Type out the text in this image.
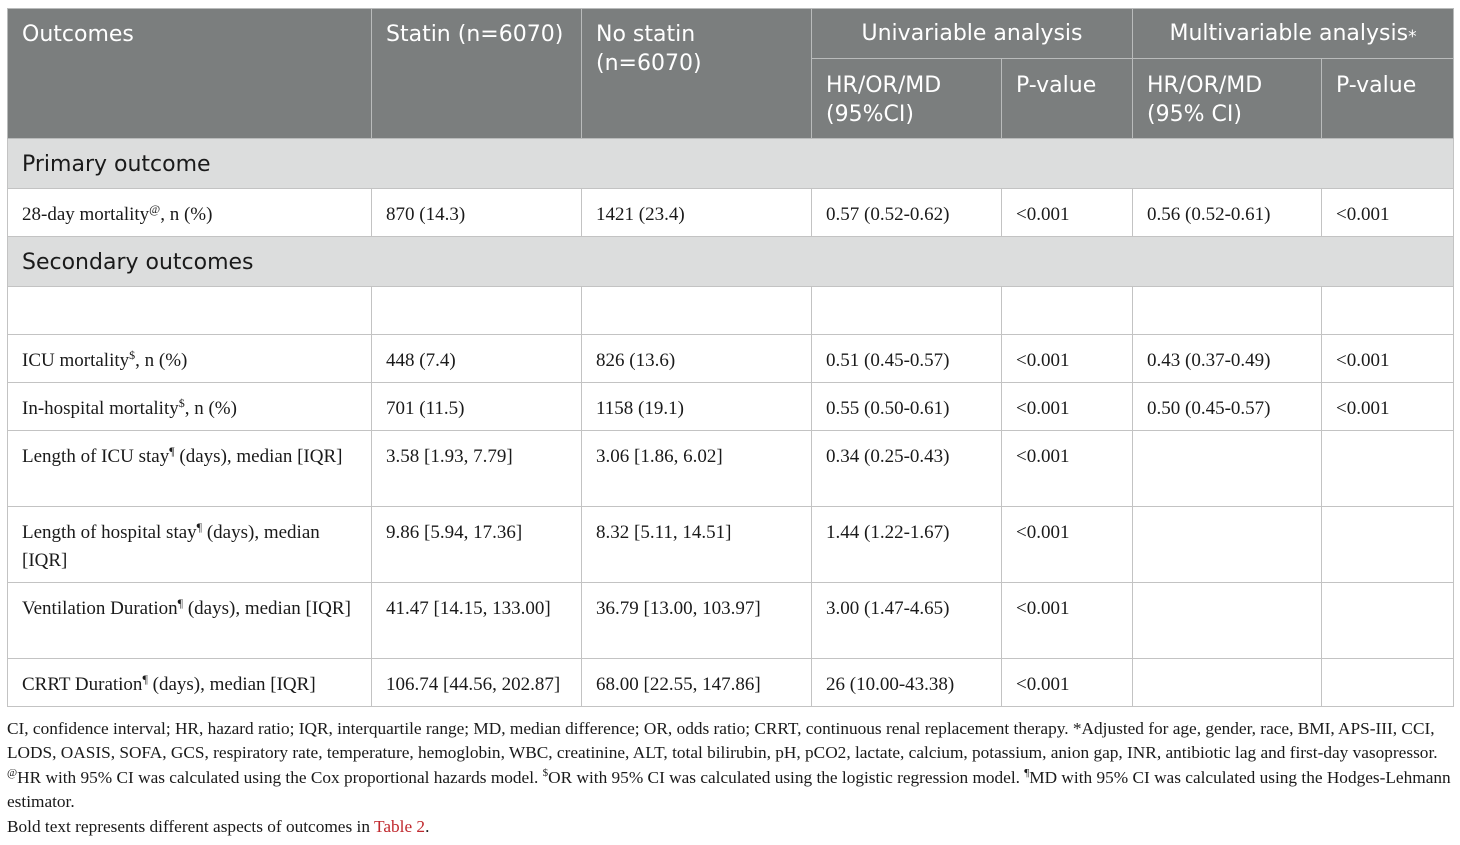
Outcomes	Statin (n=6070)	No statin (n=6070)	Univariable analysis		Multivariable analysis*
			HR/OR/MD (95%CI)	P-value	HR/OR/MD (95% CI)	P-value
Primary outcome						
28-day mortality@, n (%)	870 (14.3)	1421 (23.4)	0.57 (0.52-0.62)	<0.001	0.56 (0.52-0.61)	<0.001
Secondary outcomes						

ICU mortality$, n (%)	448 (7.4)	826 (13.6)	0.51 (0.45-0.57)	<0.001	0.43 (0.37-0.49)	<0.001
In-hospital mortality$, n (%)	701 (11.5)	1158 (19.1)	0.55 (0.50-0.61)	<0.001	0.50 (0.45-0.57)	<0.001
Length of ICU stay¶ (days), median [IQR]	3.58 [1.93, 7.79]	3.06 [1.86, 6.02]	0.34 (0.25-0.43)	<0.001		
Length of hospital stay¶ (days), median [IQR]	9.86 [5.94, 17.36]	8.32 [5.11, 14.51]	1.44 (1.22-1.67)	<0.001		
Ventilation Duration¶ (days), median [IQR]	41.47 [14.15, 133.00]	36.79 [13.00, 103.97]	3.00 (1.47-4.65)	<0.001		
CRRT Duration¶ (days), median [IQR]	106.74 [44.56, 202.87]	68.00 [22.55, 147.86]	26 (10.00-43.38)	<0.001		

CI, confidence interval; HR, hazard ratio; IQR, interquartile range; MD, median difference; OR, odds ratio; CRRT, continuous renal replacement therapy. *Adjusted for age, gender, race, BMI, APS-III, CCI, LODS, OASIS, SOFA, GCS, respiratory rate, temperature, hemoglobin, WBC, creatinine, ALT, total bilirubin, pH, pCO2, lactate, calcium, potassium, anion gap, INR, antibiotic lag and first-day vasopressor. @HR with 95% CI was calculated using the Cox proportional hazards model. $OR with 95% CI was calculated using the logistic regression model. ¶MD with 95% CI was calculated using the Hodges-Lehmann estimator.

Bold text represents different aspects of outcomes in Table 2.
